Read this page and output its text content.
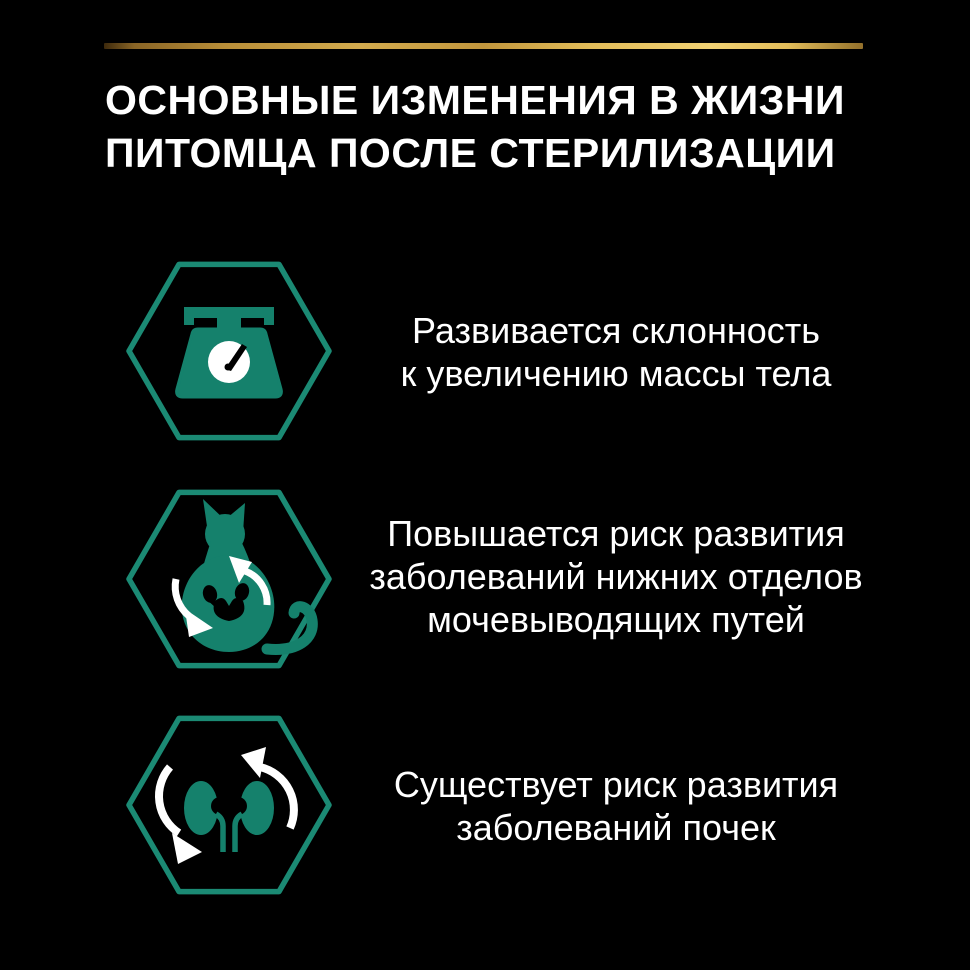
ОСНОВНЫЕ ИЗМЕНЕНИЯ В ЖИЗНИ
ПИТОМЦА ПОСЛЕ СТЕРИЛИЗАЦИИ
Развивается склонность
к увеличению массы тела
Повышается риск развития
заболеваний нижних отделов
мочевыводящих путей
Существует риск развития
заболеваний почек
